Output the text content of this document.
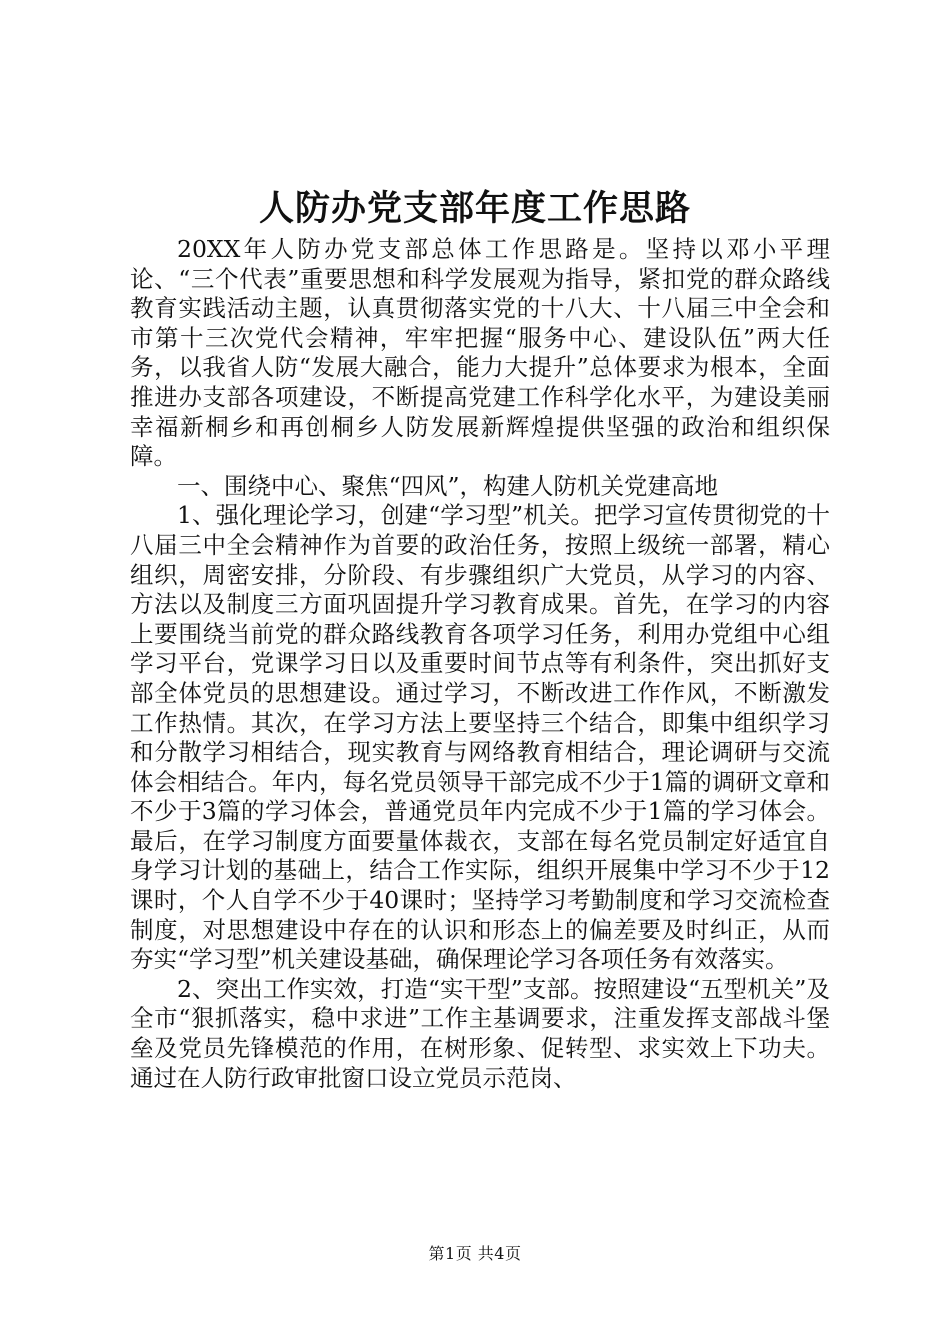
人防办党支部年度工作思路

20XX年人防办党支部总体工作思路是。坚持以邓小平理论、“三个代表”重要思想和科学发展观为指导，紧扣党的群众路线教育实践活动主题，认真贯彻落实党的十八大、十八届三中全会和市第十三次党代会精神，牢牢把握“服务中心、建设队伍”两大任务，以我省人防“发展大融合，能力大提升”总体要求为根本，全面推进办支部各项建设，不断提高党建工作科学化水平，为建设美丽幸福新桐乡和再创桐乡人防发展新辉煌提供坚强的政治和组织保障。

一、围绕中心、聚焦“四风”，构建人防机关党建高地

1、强化理论学习，创建“学习型”机关。把学习宣传贯彻党的十八届三中全会精神作为首要的政治任务，按照上级统一部署，精心组织，周密安排，分阶段、有步骤组织广大党员，从学习的内容、方法以及制度三方面巩固提升学习教育成果。首先，在学习的内容上要围绕当前党的群众路线教育各项学习任务，利用办党组中心组学习平台，党课学习日以及重要时间节点等有利条件，突出抓好支部全体党员的思想建设。通过学习，不断改进工作作风，不断激发工作热情。其次，在学习方法上要坚持三个结合，即集中组织学习和分散学习相结合，现实教育与网络教育相结合，理论调研与交流体会相结合。年内，每名党员领导干部完成不少于1篇的调研文章和不少于3篇的学习体会，普通党员年内完成不少于1篇的学习体会。最后，在学习制度方面要量体裁衣，支部在每名党员制定好适宜自身学习计划的基础上，结合工作实际，组织开展集中学习不少于12课时，个人自学不少于40课时；坚持学习考勤制度和学习交流检查制度，对思想建设中存在的认识和形态上的偏差要及时纠正，从而夯实“学习型”机关建设基础，确保理论学习各项任务有效落实。

2、突出工作实效，打造“实干型”支部。按照建设“五型机关”及全市“狠抓落实，稳中求进”工作主基调要求，注重发挥支部战斗堡垒及党员先锋模范的作用，在树形象、促转型、求实效上下功夫。通过在人防行政审批窗口设立党员示范岗、

第1页 共4页
